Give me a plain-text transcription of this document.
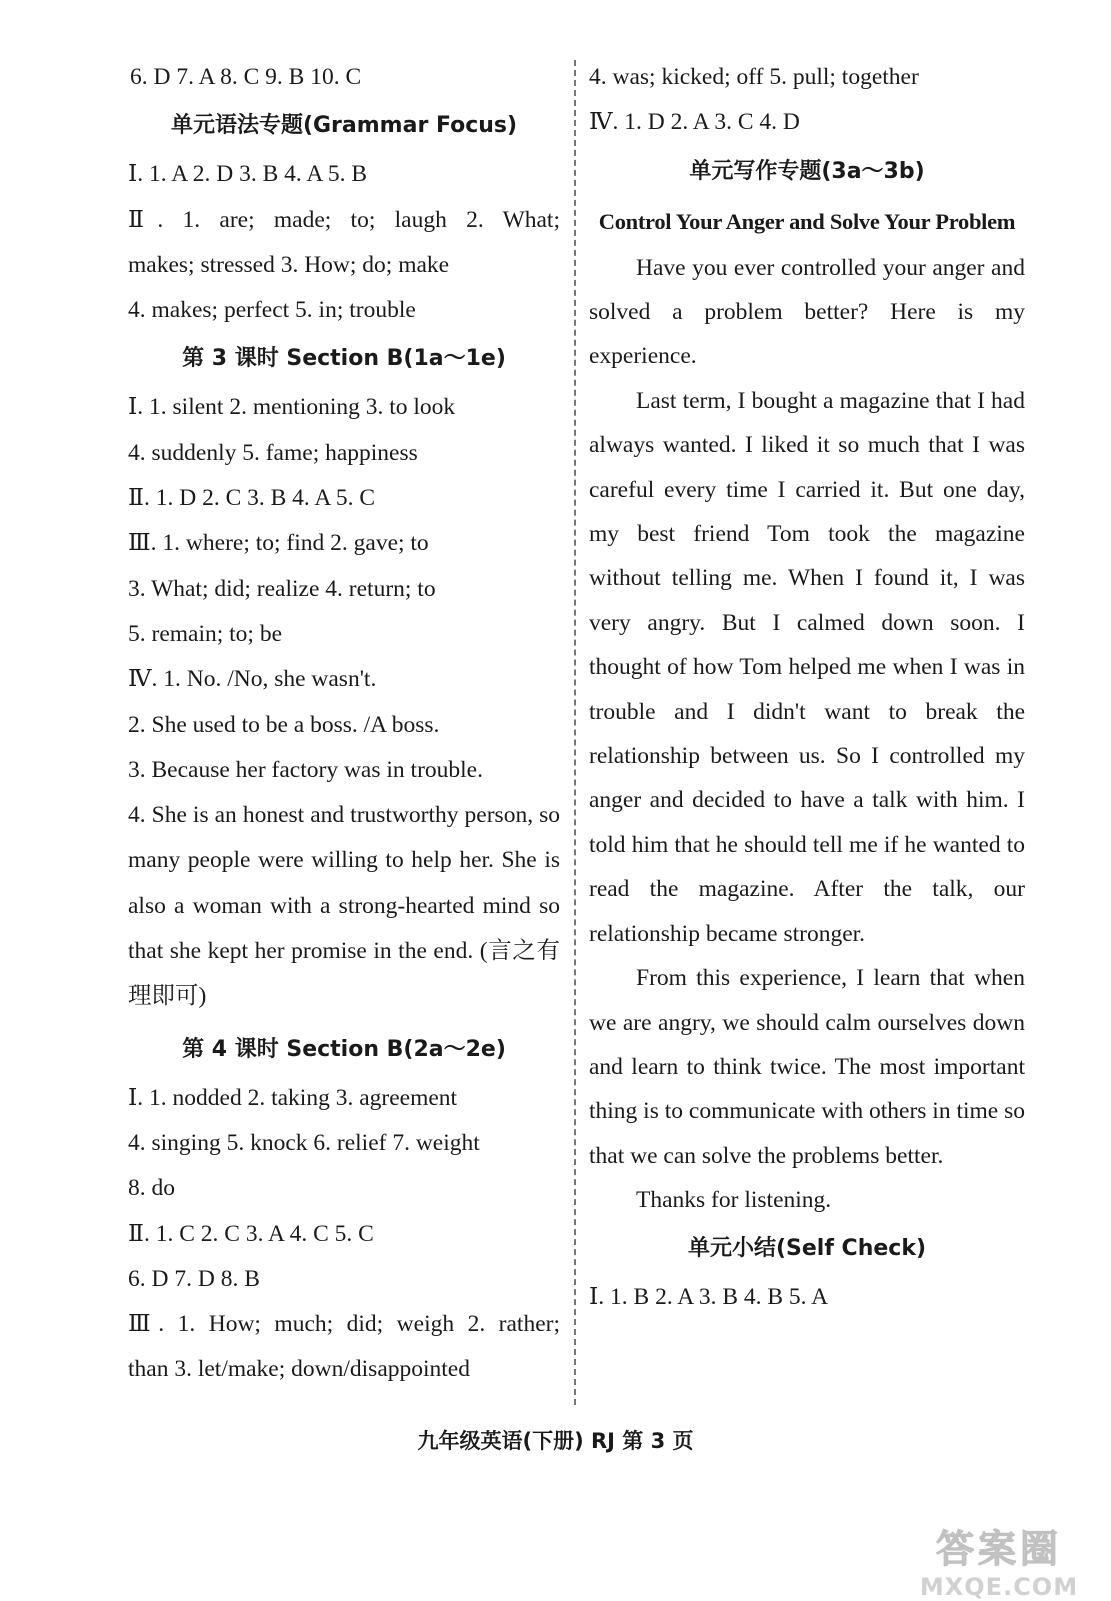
6. D 7. A 8. C 9. B 10. C
单元语法专题(Grammar Focus)
Ⅰ. 1. A 2. D 3. B 4. A 5. B
Ⅱ. 1. are; made; to; laugh 2. What;
makes; stressed 3. How; do; make
4. makes; perfect 5. in; trouble
第 3 课时 Section B(1a～1e)
Ⅰ. 1. silent 2. mentioning 3. to look
4. suddenly 5. fame; happiness
Ⅱ. 1. D 2. C 3. B 4. A 5. C
Ⅲ. 1. where; to; find 2. gave; to
3. What; did; realize 4. return; to
5. remain; to; be
Ⅳ. 1. No. /No, she wasn't.
2. She used to be a boss. /A boss.
3. Because her factory was in trouble.
4. She is an honest and trustworthy person, so many people were willing to help her. She is also a woman with a strong-hearted mind so that she kept her promise in the end. (言之有理即可)
第 4 课时 Section B(2a～2e)
Ⅰ. 1. nodded 2. taking 3. agreement
4. singing 5. knock 6. relief 7. weight
8. do
Ⅱ. 1. C 2. C 3. A 4. C 5. C
6. D 7. D 8. B
Ⅲ. 1. How; much; did; weigh 2. rather;
than 3. let/make; down/disappointed
4. was; kicked; off 5. pull; together
Ⅳ. 1. D 2. A 3. C 4. D
单元写作专题(3a～3b)
Control Your Anger and Solve Your Problem
Have you ever controlled your anger and solved a problem better? Here is my experience.
Last term, I bought a magazine that I had always wanted. I liked it so much that I was careful every time I carried it. But one day, my best friend Tom took the magazine without telling me. When I found it, I was very angry. But I calmed down soon. I thought of how Tom helped me when I was in trouble and I didn't want to break the relationship between us. So I controlled my anger and decided to have a talk with him. I told him that he should tell me if he wanted to read the magazine. After the talk, our relationship became stronger.
From this experience, I learn that when we are angry, we should calm ourselves down and learn to think twice. The most important thing is to communicate with others in time so that we can solve the problems better.
Thanks for listening.
单元小结(Self Check)
Ⅰ. 1. B 2. A 3. B 4. B 5. A
九年级英语(下册) RJ 第 3 页
答案圈
MXQE.COM
